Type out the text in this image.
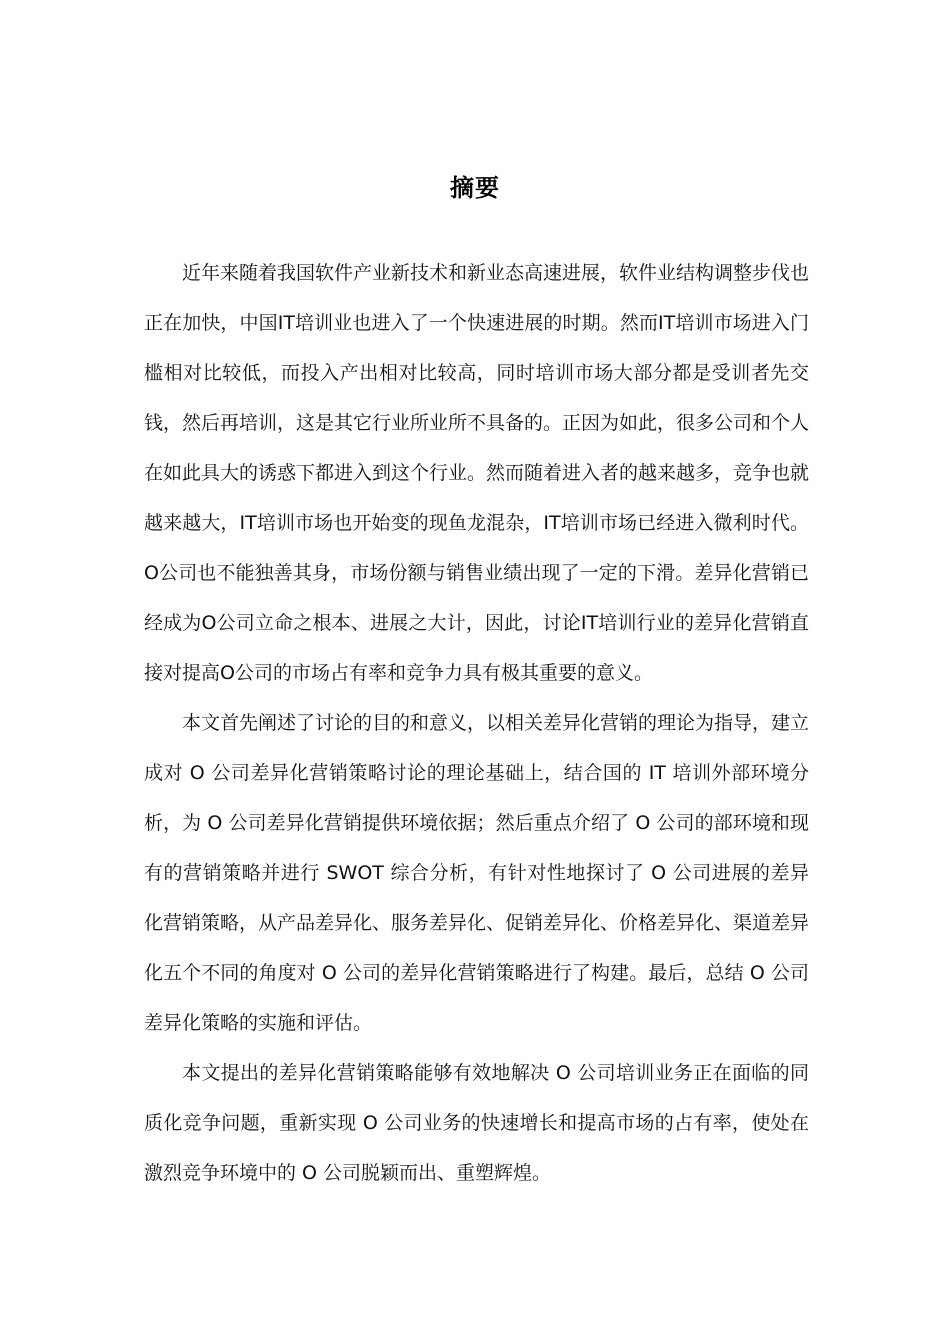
摘要

近年来随着我国软件产业新技术和新业态高速进展，软件业结构调整步伐也正在加快，中国IT培训业也进入了一个快速进展的时期。然而IT培训市场进入门槛相对比较低，而投入产出相对比较高，同时培训市场大部分都是受训者先交钱，然后再培训，这是其它行业所业所不具备的。正因为如此，很多公司和个人在如此具大的诱惑下都进入到这个行业。然而随着进入者的越来越多，竞争也就越来越大，IT培训市场也开始变的现鱼龙混杂，IT培训市场已经进入微利时代。O公司也不能独善其身，市场份额与销售业绩出现了一定的下滑。差异化营销已经成为O公司立命之根本、进展之大计，因此，讨论IT培训行业的差异化营销直接对提高O公司的市场占有率和竞争力具有极其重要的意义。

本文首先阐述了讨论的目的和意义，以相关差异化营销的理论为指导，建立成对 O 公司差异化营销策略讨论的理论基础上，结合国的 IT 培训外部环境分析，为 O 公司差异化营销提供环境依据；然后重点介绍了 O 公司的部环境和现有的营销策略并进行 SWOT 综合分析，有针对性地探讨了 O 公司进展的差异化营销策略，从产品差异化、服务差异化、促销差异化、价格差异化、渠道差异化五个不同的角度对 O 公司的差异化营销策略进行了构建。最后，总结 O 公司差异化策略的实施和评估。

本文提出的差异化营销策略能够有效地解决 O 公司培训业务正在面临的同质化竞争问题，重新实现 O 公司业务的快速增长和提高市场的占有率，使处在激烈竞争环境中的 O 公司脱颖而出、重塑辉煌。
